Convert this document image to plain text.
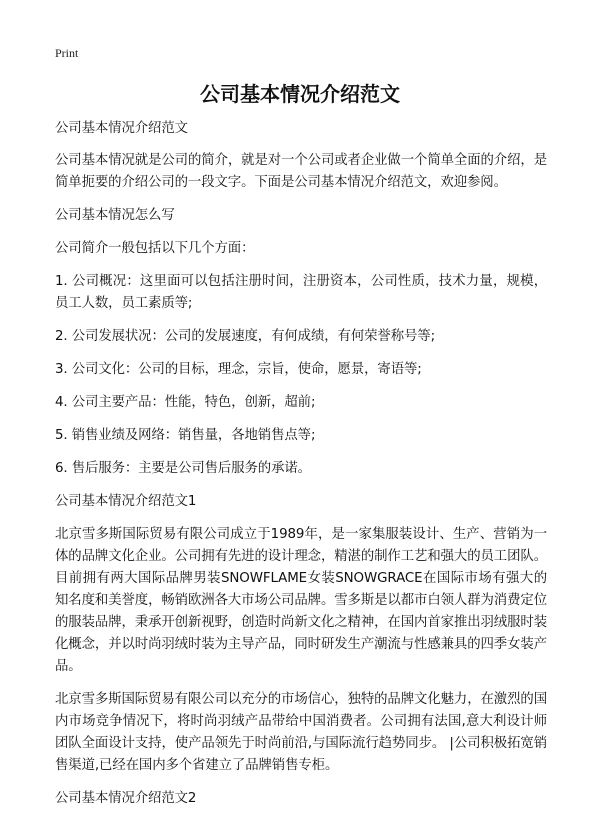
Print
公司基本情况介绍范文

公司基本情况介绍范文

公司基本情况就是公司的简介，就是对一个公司或者企业做一个简单全面的介绍，是简单扼要的介绍公司的一段文字。下面是公司基本情况介绍范文，欢迎参阅。

公司基本情况怎么写

公司简介一般包括以下几个方面：

1. 公司概况：这里面可以包括注册时间，注册资本，公司性质，技术力量，规模，员工人数，员工素质等;

2. 公司发展状况：公司的发展速度，有何成绩，有何荣誉称号等;

3. 公司文化：公司的目标，理念，宗旨，使命，愿景，寄语等;

4. 公司主要产品：性能，特色，创新，超前;

5. 销售业绩及网络：销售量，各地销售点等;

6. 售后服务：主要是公司售后服务的承诺。

公司基本情况介绍范文1

北京雪多斯国际贸易有限公司成立于1989年，是一家集服装设计、生产、营销为一体的品牌文化企业。公司拥有先进的设计理念，精湛的制作工艺和强大的员工团队。目前拥有两大国际品牌男装SNOWFLAME女装SNOWGRACE在国际市场有强大的知名度和美誉度，畅销欧洲各大市场公司品牌。雪多斯是以都市白领人群为消费定位的服装品牌，秉承开创新视野，创造时尚新文化之精神，在国内首家推出羽绒服时装化概念，并以时尚羽绒时装为主导产品，同时研发生产潮流与性感兼具的四季女装产品。

北京雪多斯国际贸易有限公司以充分的市场信心，独特的品牌文化魅力，在激烈的国内市场竞争情况下，将时尚羽绒产品带给中国消费者。公司拥有法国,意大利设计师团队全面设计支持，使产品领先于时尚前沿,与国际流行趋势同步。 |公司积极拓宽销售渠道,已经在国内多个省建立了品牌销售专柜。

公司基本情况介绍范文2
